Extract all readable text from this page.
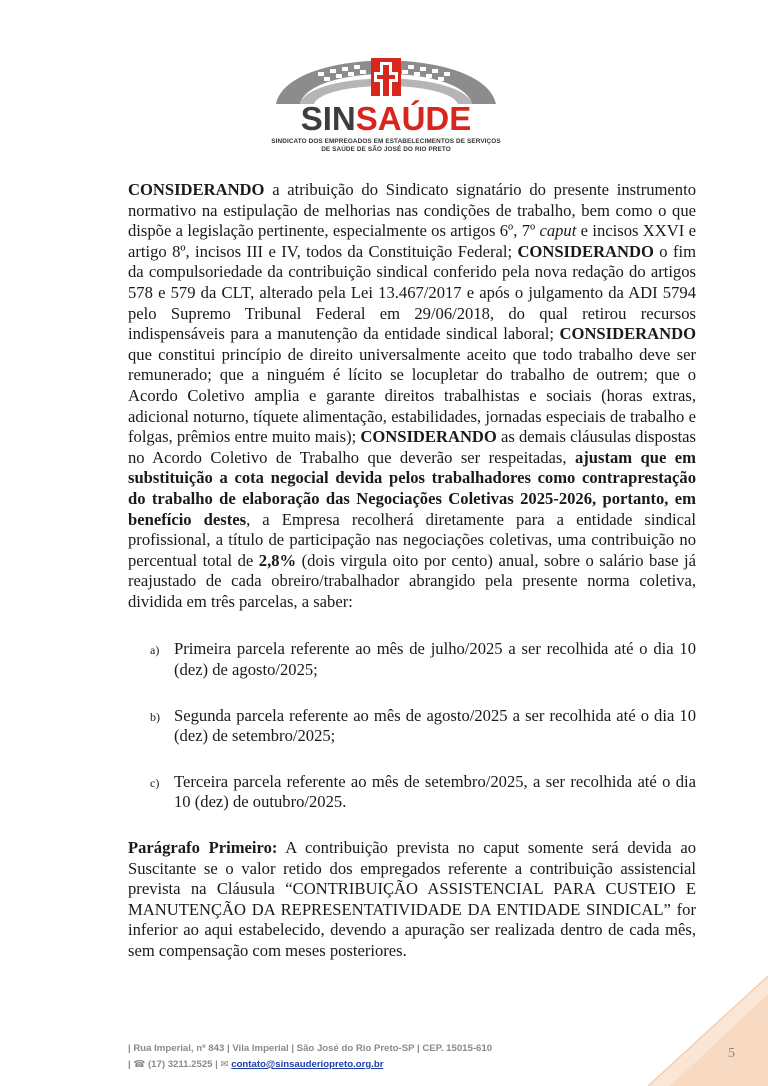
SINSAÚDE
SINDICATO DOS EMPREGADOS EM ESTABELECIMENTOS DE SERVIÇOS
DE SAÚDE DE SÃO JOSÉ DO RIO PRETO

CONSIDERANDO a atribuição do Sindicato signatário do presente instrumento normativo na estipulação de melhorias nas condições de trabalho, bem como o que dispõe a legislação pertinente, especialmente os artigos 6º, 7º caput e incisos XXVI e artigo 8º, incisos III e IV, todos da Constituição Federal; CONSIDERANDO o fim da compulsoriedade da contribuição sindical conferido pela nova redação do artigos 578 e 579 da CLT, alterado pela Lei 13.467/2017 e após o julgamento da ADI 5794 pelo Supremo Tribunal Federal em 29/06/2018, do qual retirou recursos indispensáveis para a manutenção da entidade sindical laboral; CONSIDERANDO que constitui princípio de direito universalmente aceito que todo trabalho deve ser remunerado; que a ninguém é lícito se locupletar do trabalho de outrem; que o Acordo Coletivo amplia e garante direitos trabalhistas e sociais (horas extras, adicional noturno, tíquete alimentação, estabilidades, jornadas especiais de trabalho e folgas, prêmios entre muito mais); CONSIDERANDO as demais cláusulas dispostas no Acordo Coletivo de Trabalho que deverão ser respeitadas, ajustam que em substituição a cota negocial devida pelos trabalhadores como contraprestação do trabalho de elaboração das Negociações Coletivas 2025-2026, portanto, em benefício destes, a Empresa recolherá diretamente para a entidade sindical profissional, a título de participação nas negociações coletivas, uma contribuição no percentual total de 2,8% (dois virgula oito por cento) anual, sobre o salário base já reajustado de cada obreiro/trabalhador abrangido pela presente norma coletiva, dividida em três parcelas, a saber:

a) Primeira parcela referente ao mês de julho/2025 a ser recolhida até o dia 10 (dez) de agosto/2025;
b) Segunda parcela referente ao mês de agosto/2025 a ser recolhida até o dia 10 (dez) de setembro/2025;
c) Terceira parcela referente ao mês de setembro/2025, a ser recolhida até o dia 10 (dez) de outubro/2025.

Parágrafo Primeiro: A contribuição prevista no caput somente será devida ao Suscitante se o valor retido dos empregados referente a contribuição assistencial prevista na Cláusula “CONTRIBUIÇÃO ASSISTENCIAL PARA CUSTEIO E MANUTENÇÃO DA REPRESENTATIVIDADE DA ENTIDADE SINDICAL” for inferior ao aqui estabelecido, devendo a apuração ser realizada dentro de cada mês, sem compensação com meses posteriores.

| Rua Imperial, nº 843 | Vila Imperial | São José do Rio Preto-SP | CEP. 15015-610
| ☎ (17) 3211.2525 | ✉ contato@sinsauderiopreto.org.br
5
